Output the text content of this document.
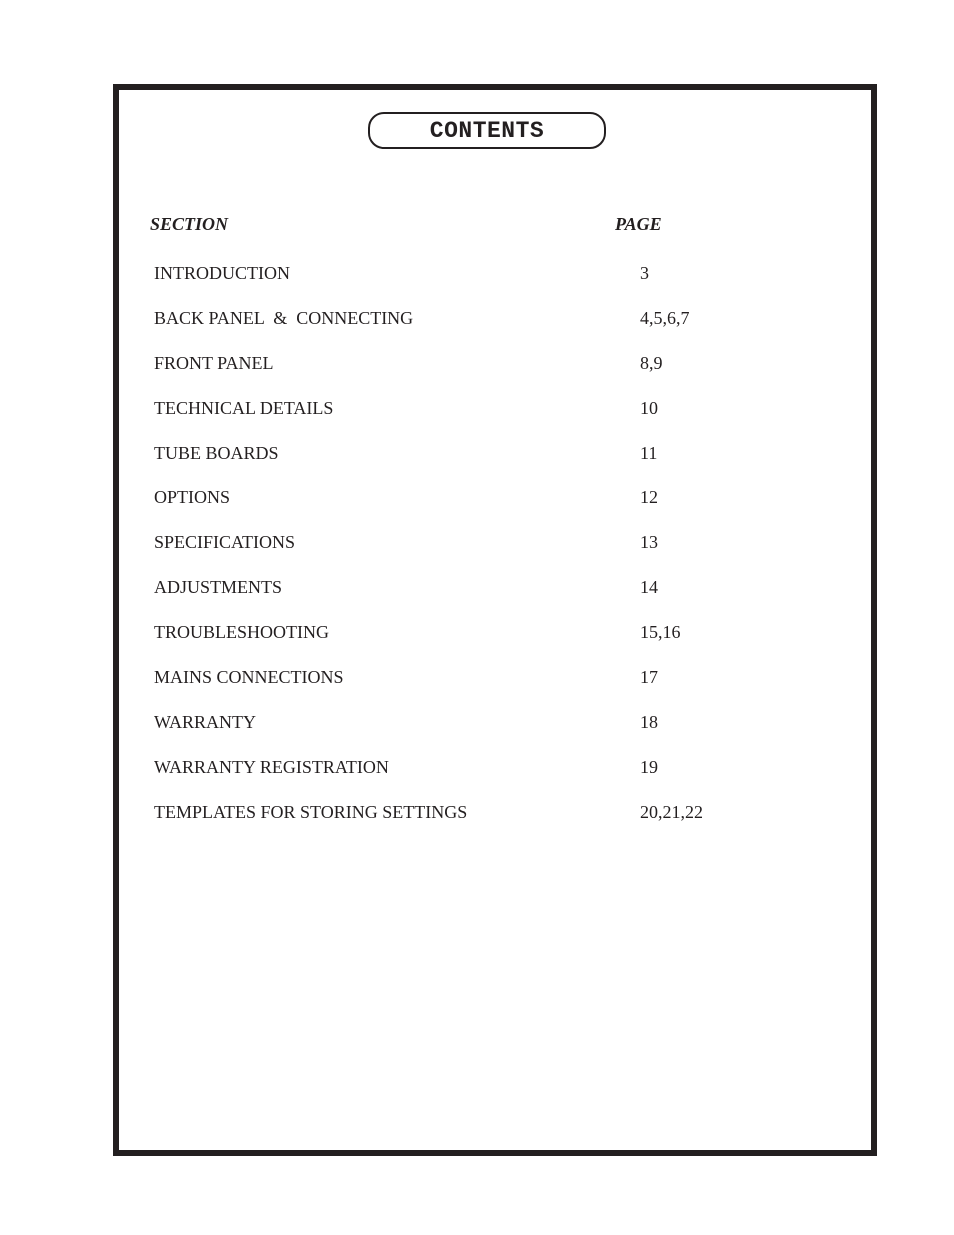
CONTENTS
SECTION	PAGE
INTRODUCTION	3
BACK PANEL  &  CONNECTING	4,5,6,7
FRONT PANEL	8,9
TECHNICAL DETAILS	10
TUBE BOARDS	11
OPTIONS	12
SPECIFICATIONS	13
ADJUSTMENTS	14
TROUBLESHOOTING	15,16
MAINS CONNECTIONS	17
WARRANTY	18
WARRANTY REGISTRATION	19
TEMPLATES FOR STORING SETTINGS	20,21,22
